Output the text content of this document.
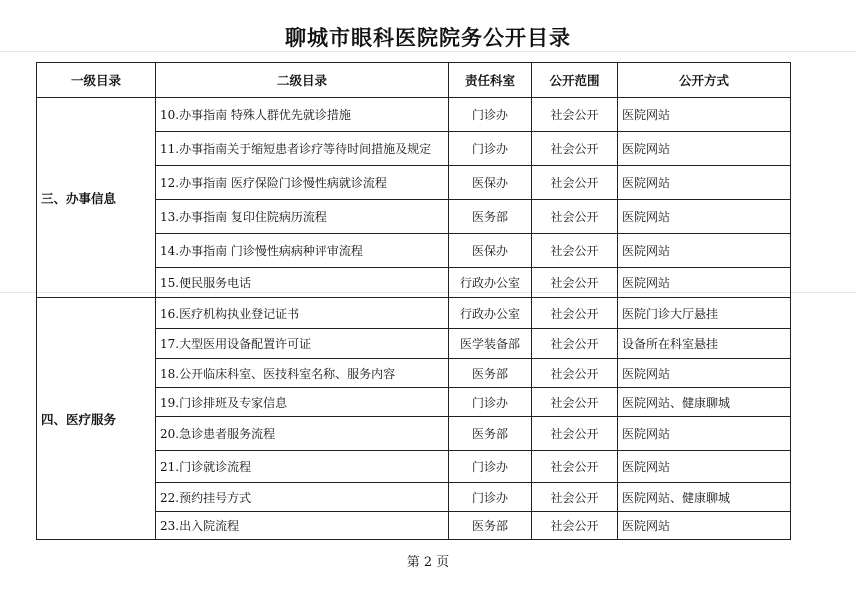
聊城市眼科医院院务公开目录
一级目录	二级目录	责任科室	公开范围	公开方式
三、办事信息	10.办事指南 特殊人群优先就诊措施	门诊办	社会公开	医院网站
	11.办事指南关于缩短患者诊疗等待时间措施及规定	门诊办	社会公开	医院网站
	12.办事指南 医疗保险门诊慢性病就诊流程	医保办	社会公开	医院网站
	13.办事指南 复印住院病历流程	医务部	社会公开	医院网站
	14.办事指南 门诊慢性病病种评审流程	医保办	社会公开	医院网站
	15.便民服务电话	行政办公室	社会公开	医院网站
四、医疗服务	16.医疗机构执业登记证书	行政办公室	社会公开	医院门诊大厅悬挂
	17.大型医用设备配置许可证	医学装备部	社会公开	设备所在科室悬挂
	18.公开临床科室、医技科室名称、服务内容	医务部	社会公开	医院网站
	19.门诊排班及专家信息	门诊办	社会公开	医院网站、健康聊城
	20.急诊患者服务流程	医务部	社会公开	医院网站
	21.门诊就诊流程	门诊办	社会公开	医院网站
	22.预约挂号方式	门诊办	社会公开	医院网站、健康聊城
	23.出入院流程	医务部	社会公开	医院网站
第 2 页
